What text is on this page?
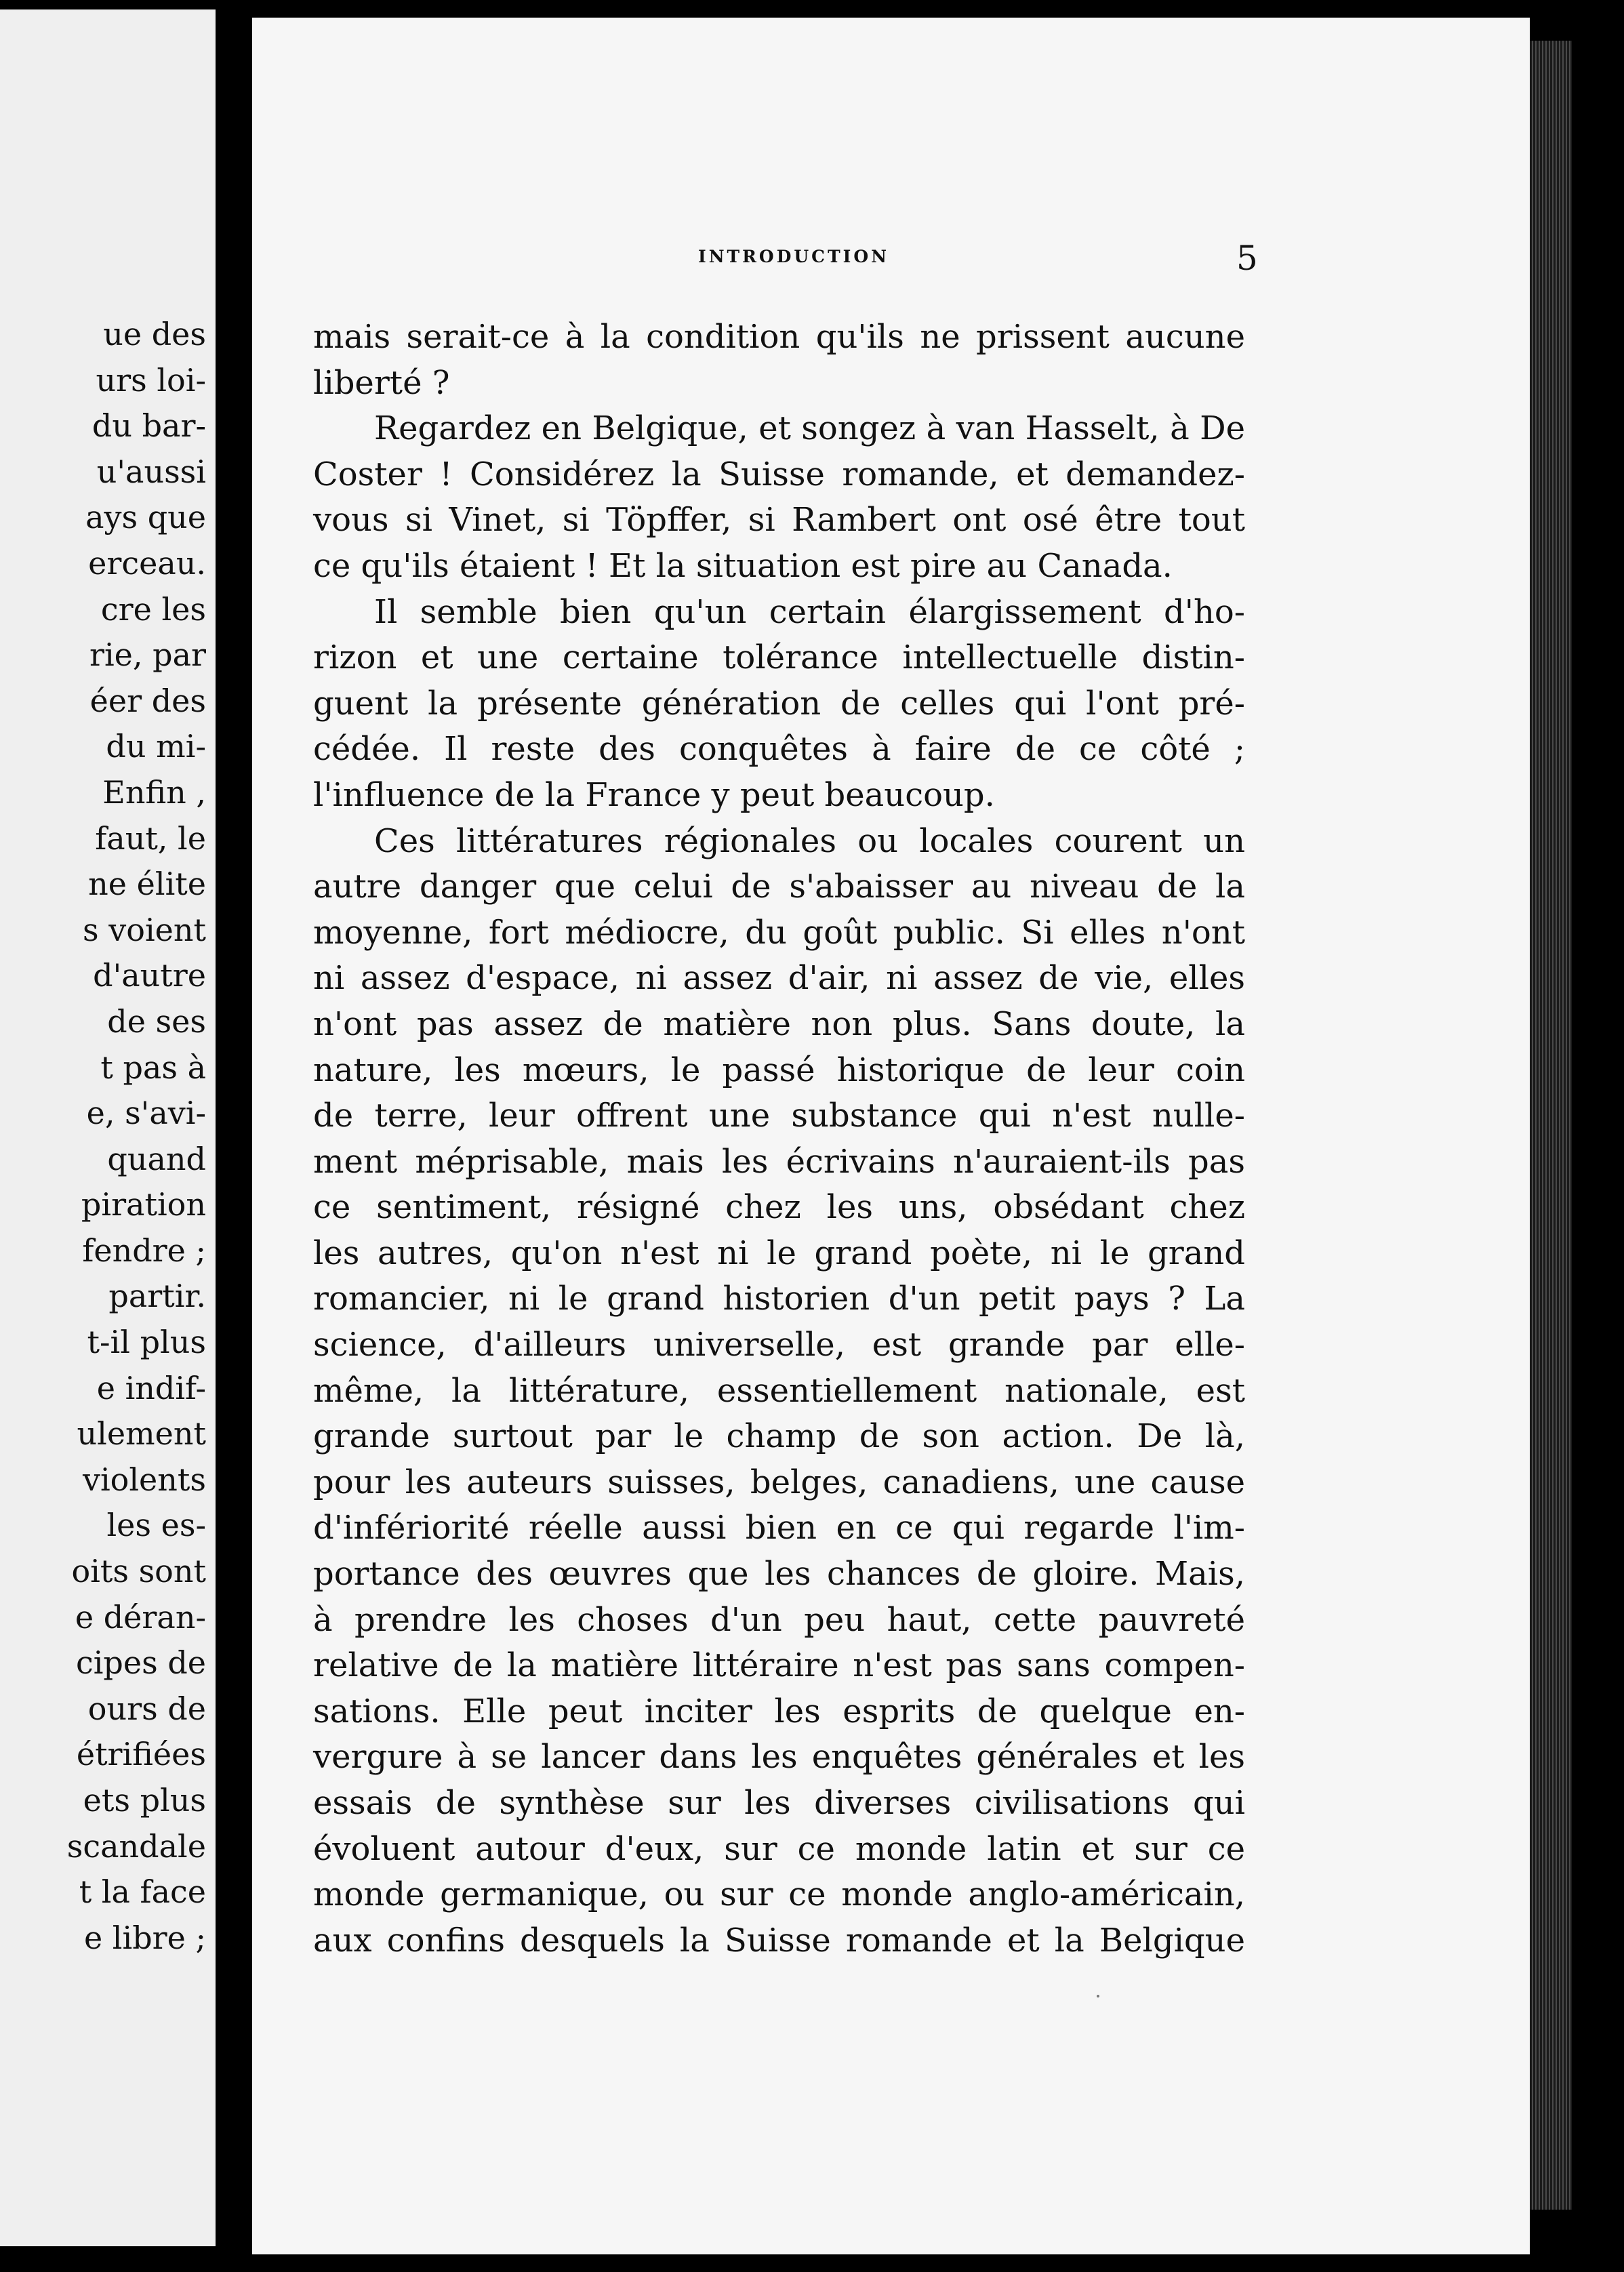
ue des
urs loi-
du bar-
u'aussi
ays que
erceau.
cre les
rie, par
éer des
du mi-
Enfin ,
faut, le
ne élite
s voient
d'autre
de ses
t pas à
e, s'avi-
quand
piration
fendre ;
partir.
t-il plus
e indif-
ulement
violents
les es-
oits sont
e déran-
cipes de
ours de
étrifiées
ets plus
scandale
t la face
e libre ;
INTRODUCTION	5
mais serait-ce à la condition qu'ils ne prissent aucune
liberté ?
Regardez en Belgique, et songez à van Hasselt, à De
Coster ! Considérez la Suisse romande, et demandez-
vous si Vinet, si Töpffer, si Rambert ont osé être tout
ce qu'ils étaient ! Et la situation est pire au Canada.
Il semble bien qu'un certain élargissement d'ho-
rizon et une certaine tolérance intellectuelle distin-
guent la présente génération de celles qui l'ont pré-
cédée. Il reste des conquêtes à faire de ce côté ;
l'influence de la France y peut beaucoup.
Ces littératures régionales ou locales courent un
autre danger que celui de s'abaisser au niveau de la
moyenne, fort médiocre, du goût public. Si elles n'ont
ni assez d'espace, ni assez d'air, ni assez de vie, elles
n'ont pas assez de matière non plus. Sans doute, la
nature, les mœurs, le passé historique de leur coin
de terre, leur offrent une substance qui n'est nulle-
ment méprisable, mais les écrivains n'auraient-ils pas
ce sentiment, résigné chez les uns, obsédant chez
les autres, qu'on n'est ni le grand poète, ni le grand
romancier, ni le grand historien d'un petit pays ? La
science, d'ailleurs universelle, est grande par elle-
même, la littérature, essentiellement nationale, est
grande surtout par le champ de son action. De là,
pour les auteurs suisses, belges, canadiens, une cause
d'infériorité réelle aussi bien en ce qui regarde l'im-
portance des œuvres que les chances de gloire. Mais,
à prendre les choses d'un peu haut, cette pauvreté
relative de la matière littéraire n'est pas sans compen-
sations. Elle peut inciter les esprits de quelque en-
vergure à se lancer dans les enquêtes générales et les
essais de synthèse sur les diverses civilisations qui
évoluent autour d'eux, sur ce monde latin et sur ce
monde germanique, ou sur ce monde anglo-américain,
aux confins desquels la Suisse romande et la Belgique
